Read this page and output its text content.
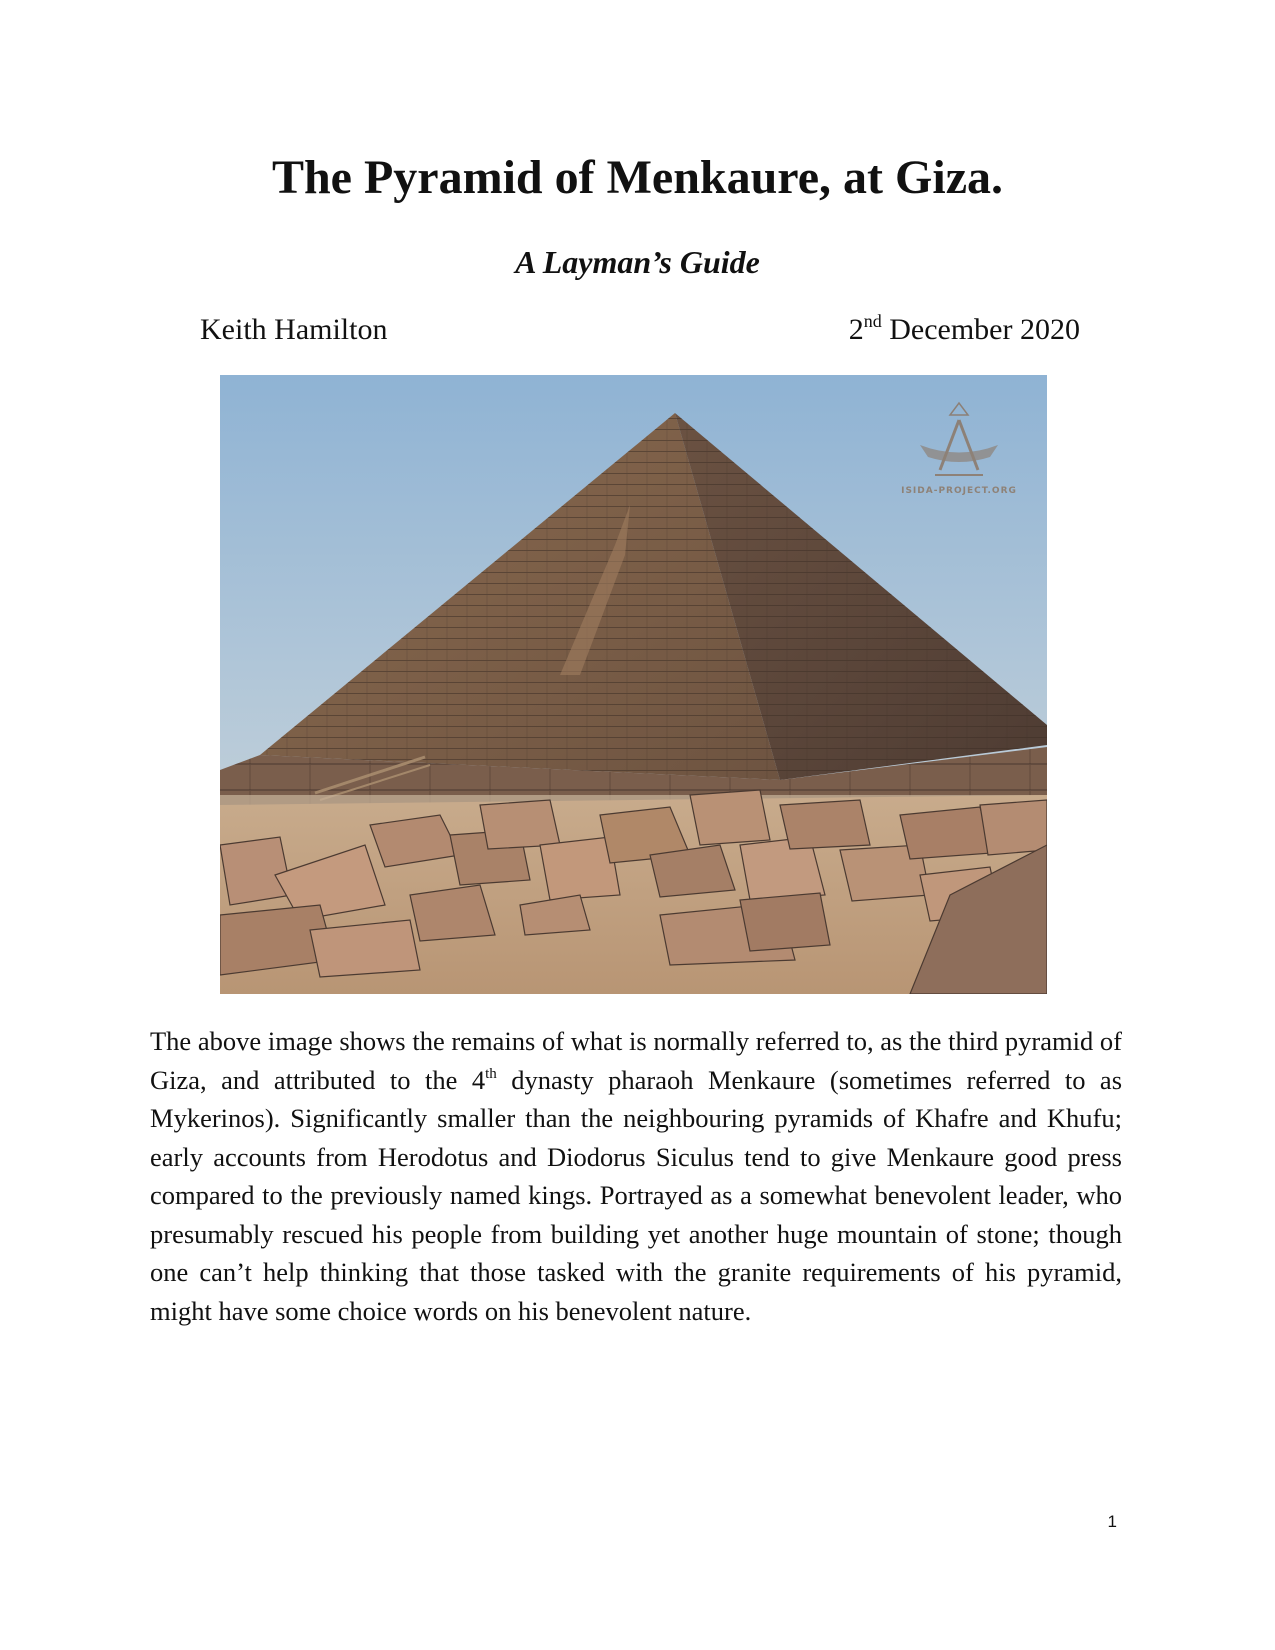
The Pyramid of Menkaure, at Giza.
A Layman’s Guide
Keith Hamilton	2nd December 2020
ISIDA-PROJECT.ORG

The above image shows the remains of what is normally referred to, as the third pyramid of Giza, and attributed to the 4th dynasty pharaoh Menkaure (sometimes referred to as Mykerinos). Significantly smaller than the neighbouring pyramids of Khafre and Khufu; early accounts from Herodotus and Diodorus Siculus tend to give Menkaure good press compared to the previously named kings. Portrayed as a somewhat benevolent leader, who presumably rescued his people from building yet another huge mountain of stone; though one can’t help thinking that those tasked with the granite requirements of his pyramid, might have some choice words on his benevolent nature.

1
